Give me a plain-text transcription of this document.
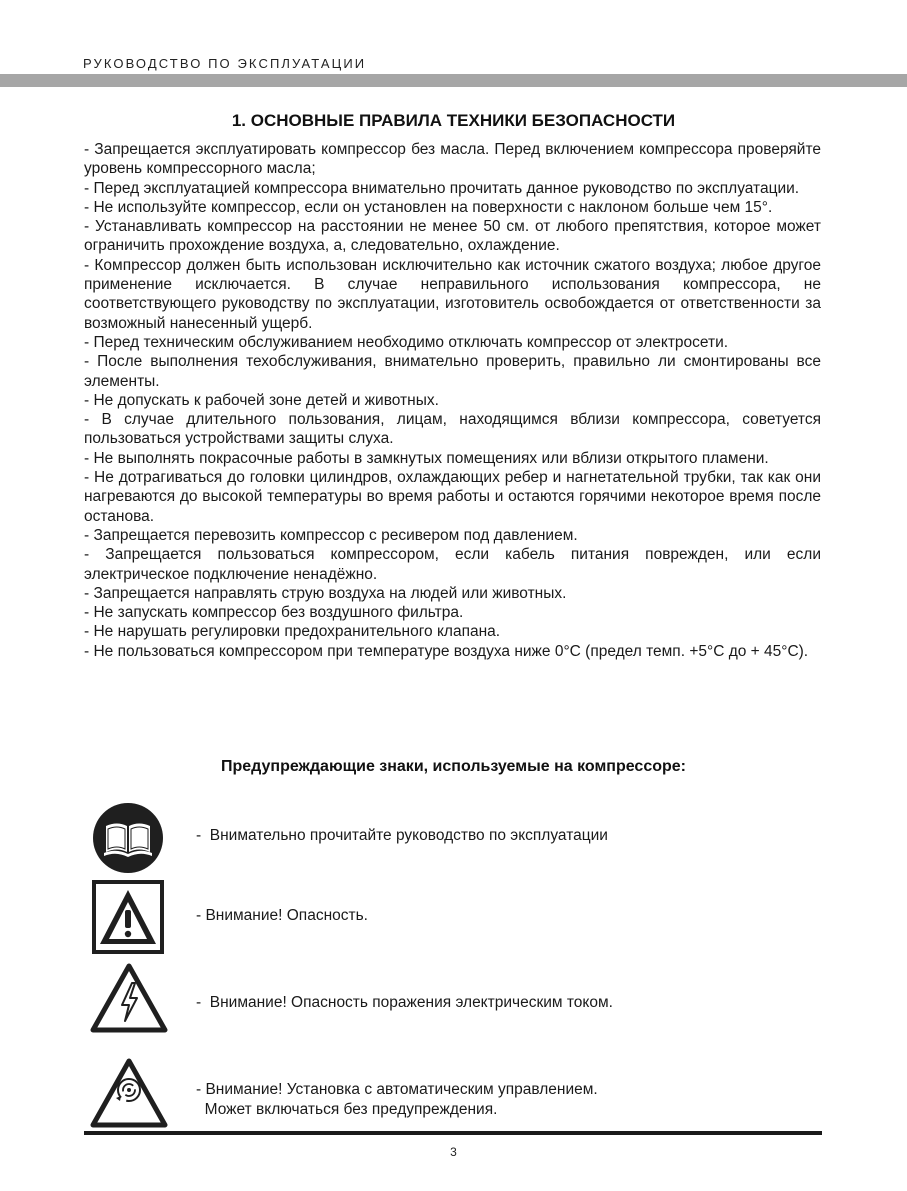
РУКОВОДСТВО ПО ЭКСПЛУАТАЦИИ
1. ОСНОВНЫЕ ПРАВИЛА ТЕХНИКИ БЕЗОПАСНОСТИ

- Запрещается эксплуатировать компрессор без масла. Перед включением компрессора проверяйте уровень компрессорного масла;

- Перед эксплуатацией компрессора внимательно прочитать данное руководство по эксплуатации.

- Не используйте компрессор, если он установлен на поверхности с наклоном больше чем 15°.

- Устанавливать компрессор на расстоянии не менее 50 см. от любого препятствия, которое может ограничить прохождение воздуха, а, следовательно, охлаждение.

- Компрессор должен быть использован исключительно как источник сжатого воздуха; любое другое применение исключается. В случае неправильного использования компрессора, не соответствующего руководству по эксплуатации, изготовитель освобождается от ответственности за возможный нанесенный ущерб.

- Перед техническим обслуживанием необходимо отключать компрессор от электросети.

- После выполнения техобслуживания, внимательно проверить, правильно ли смонтированы все элементы.

- Не допускать к рабочей зоне детей и животных.

- В случае длительного пользования, лицам, находящимся вблизи компрессора, советуется пользоваться устройствами защиты слуха.

- Не выполнять покрасочные работы в замкнутых помещениях или вблизи открытого пламени.

- Не дотрагиваться до головки цилиндров, охлаждающих ребер и нагнетательной трубки, так как они нагреваются до высокой температуры во время работы и остаются горячими некоторое время после останова.

- Запрещается перевозить компрессор с ресивером под давлением.

- Запрещается пользоваться компрессором, если кабель питания поврежден, или если электрическое подключение ненадёжно.

- Запрещается направлять струю воздуха на людей или животных.

- Не запускать компрессор без воздушного фильтра.

- Не нарушать регулировки предохранительного клапана.

- Не пользоваться компрессором при температуре воздуха ниже 0°C (предел темп. +5°C до + 45°C).

Предупреждающие знаки, используемые на компрессоре:
-  Внимательно прочитайте руководство по эксплуатации
- Внимание! Опасность.
-  Внимание! Опасность поражения электрическим током.
- Внимание! Установка с автоматическим управлением.
Может включаться без предупреждения.
3
